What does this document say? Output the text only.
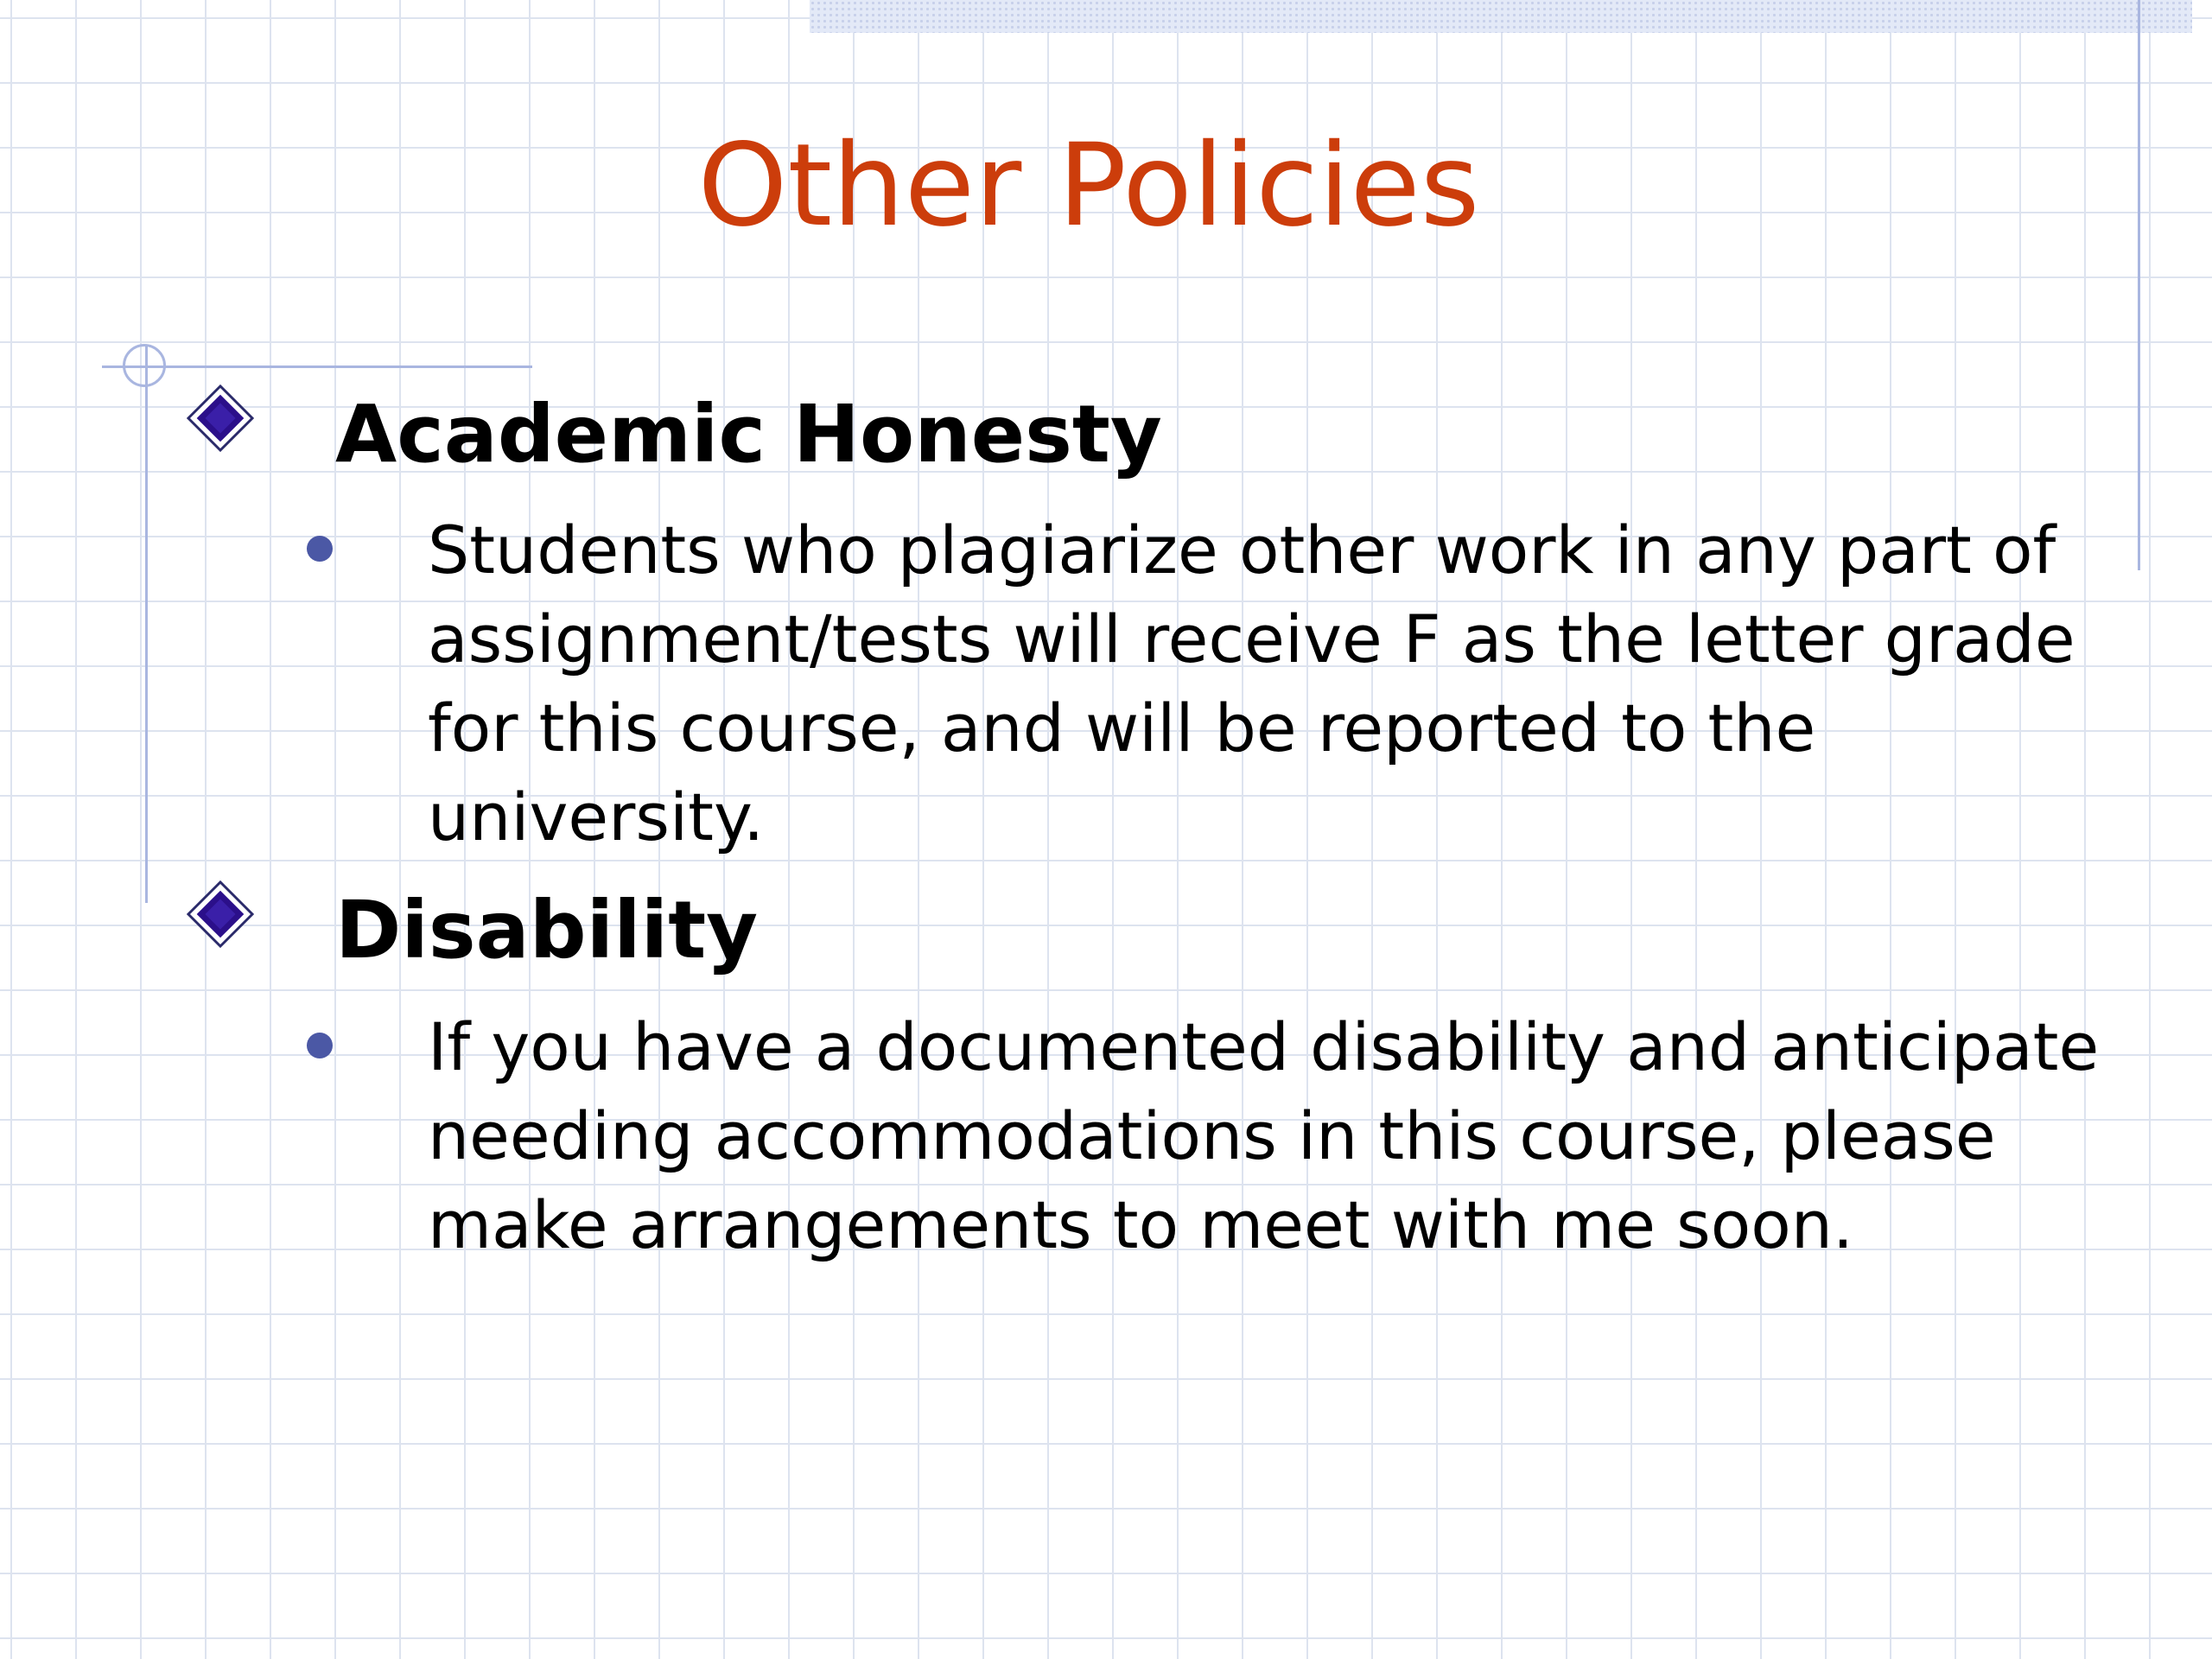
Other Policies
Academic Honesty
Students who plagiarize other work in any part of
assignment/tests will receive F as the letter grade
for this course, and will be reported to the
university.
Disability
If you have a documented disability and anticipate
needing accommodations in this course, please
make arrangements to meet with me soon.
